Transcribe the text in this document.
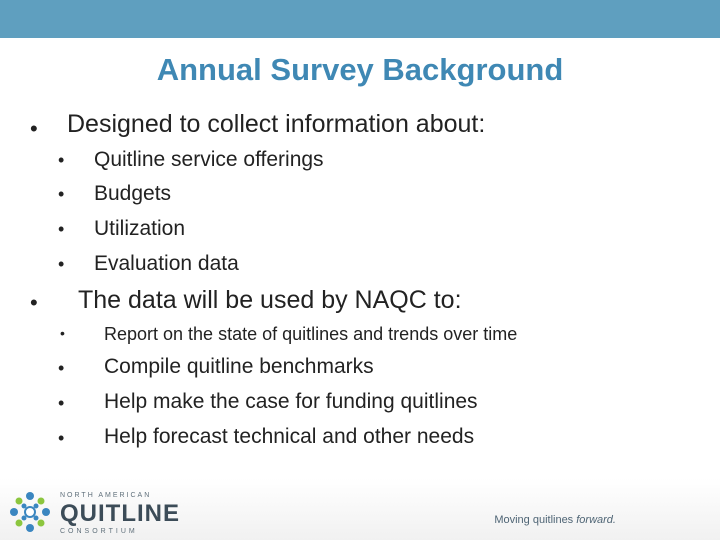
Annual Survey Background
• Designed to collect information about:
• Quitline service offerings
• Budgets
• Utilization
• Evaluation data
• The data will be used by NAQC to:
• Report on the state of quitlines and trends over time
• Compile quitline benchmarks
• Help make the case for funding quitlines
• Help forecast technical and other needs
NORTH AMERICAN
QUITLINE
CONSORTIUM
Moving quitlines forward.
